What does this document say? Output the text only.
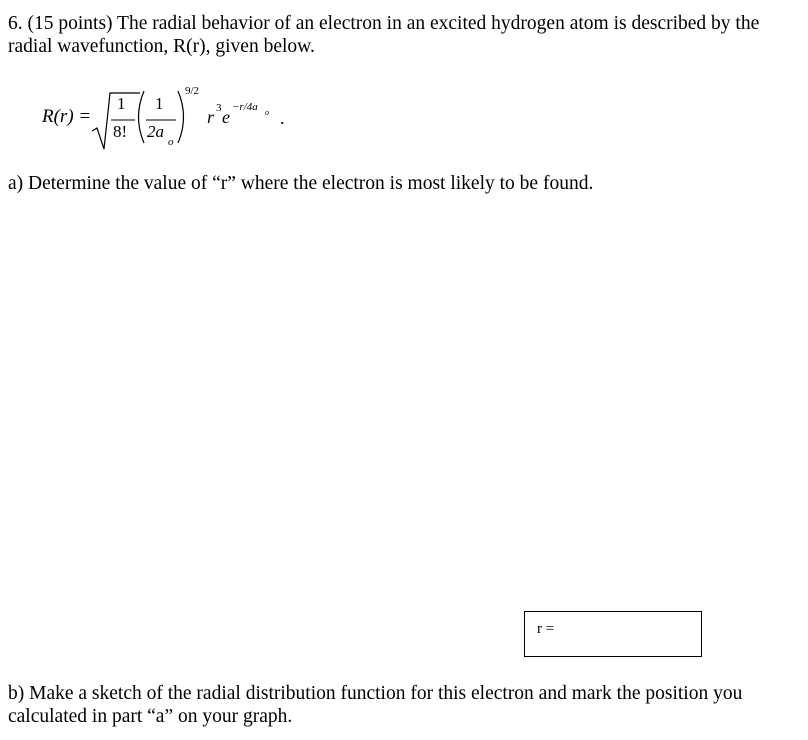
6. (15 points) The radial behavior of an electron in an excited hydrogen atom is described by the radial wavefunction, R(r), given below.
R(r) =
1
8!
1
2a
o
9/2
r 3 e −r/4a o .
a) Determine the value of “r” where the electron is most likely to be found.
r =
b) Make a sketch of the radial distribution function for this electron and mark the position you calculated in part “a” on your graph.
